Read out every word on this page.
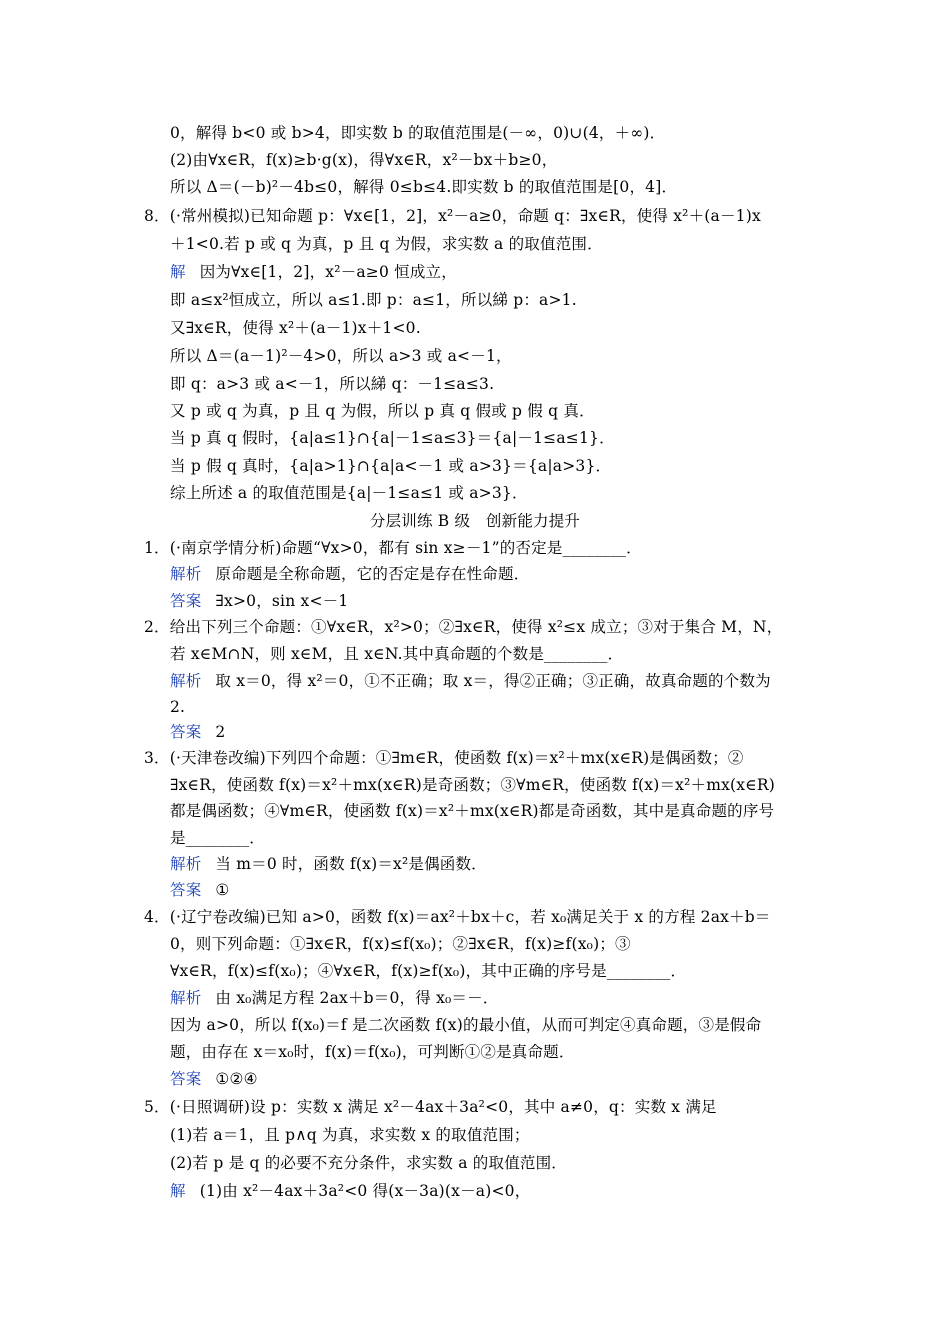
0，解得 b<0 或 b>4，即实数 b 的取值范围是(－∞，0)∪(4，＋∞)．
(2)由∀x∈R，f(x)≥b·g(x)，得∀x∈R，x²－bx＋b≥0，
所以 Δ＝(－b)²－4b≤0，解得 0≤b≤4.即实数 b 的取值范围是[0，4]．
8．(·常州模拟)已知命题 p：∀x∈[1，2]，x²－a≥0，命题 q：∃x∈R，使得 x²＋(a－1)x
＋1<0.若 p 或 q 为真，p 且 q 为假，求实数 a 的取值范围．
解 因为∀x∈[1，2]，x²－a≥0 恒成立，
即 a≤x²恒成立，所以 a≤1.即 p：a≤1，所以綈 p：a>1.
又∃x∈R，使得 x²＋(a－1)x＋1<0.
所以 Δ＝(a－1)²－4>0，所以 a>3 或 a<－1，
即 q：a>3 或 a<－1，所以綈 q：－1≤a≤3.
又 p 或 q 为真，p 且 q 为假，所以 p 真 q 假或 p 假 q 真．
当 p 真 q 假时，{a|a≤1}∩{a|－1≤a≤3}＝{a|－1≤a≤1}．
当 p 假 q 真时，{a|a>1}∩{a|a<－1 或 a>3}＝{a|a>3}．
综上所述 a 的取值范围是{a|－1≤a≤1 或 a>3}．
分层训练 B 级　创新能力提升
1．(·南京学情分析)命题“∀x>0，都有 sin x≥－1”的否定是________．
解析 原命题是全称命题，它的否定是存在性命题．
答案 ∃x>0，sin x<－1
2．给出下列三个命题：①∀x∈R，x²>0；②∃x∈R，使得 x²≤x 成立；③对于集合 M，N，
若 x∈M∩N，则 x∈M，且 x∈N.其中真命题的个数是________．
解析 取 x＝0，得 x²＝0，①不正确；取 x＝，得②正确；③正确，故真命题的个数为
2.
答案 2
3．(·天津卷改编)下列四个命题：①∃m∈R，使函数 f(x)＝x²＋mx(x∈R)是偶函数；②
∃x∈R，使函数 f(x)＝x²＋mx(x∈R)是奇函数；③∀m∈R，使函数 f(x)＝x²＋mx(x∈R)
都是偶函数；④∀m∈R，使函数 f(x)＝x²＋mx(x∈R)都是奇函数，其中是真命题的序号
是________．
解析 当 m＝0 时，函数 f(x)＝x²是偶函数．
答案 ①
4．(·辽宁卷改编)已知 a>0，函数 f(x)＝ax²＋bx＋c，若 x₀满足关于 x 的方程 2ax＋b＝
0，则下列命题：①∃x∈R，f(x)≤f(x₀)；②∃x∈R，f(x)≥f(x₀)；③
∀x∈R，f(x)≤f(x₀)；④∀x∈R，f(x)≥f(x₀)，其中正确的序号是________．
解析 由 x₀满足方程 2ax＋b＝0，得 x₀＝－．
因为 a>0，所以 f(x₀)＝f 是二次函数 f(x)的最小值，从而可判定④真命题，③是假命
题，由存在 x＝x₀时，f(x)＝f(x₀)，可判断①②是真命题．
答案 ①②④
5．(·日照调研)设 p：实数 x 满足 x²－4ax＋3a²<0，其中 a≠0，q：实数 x 满足
(1)若 a＝1，且 p∧q 为真，求实数 x 的取值范围；
(2)若 p 是 q 的必要不充分条件，求实数 a 的取值范围．
解 (1)由 x²－4ax＋3a²<0 得(x－3a)(x－a)<0，
